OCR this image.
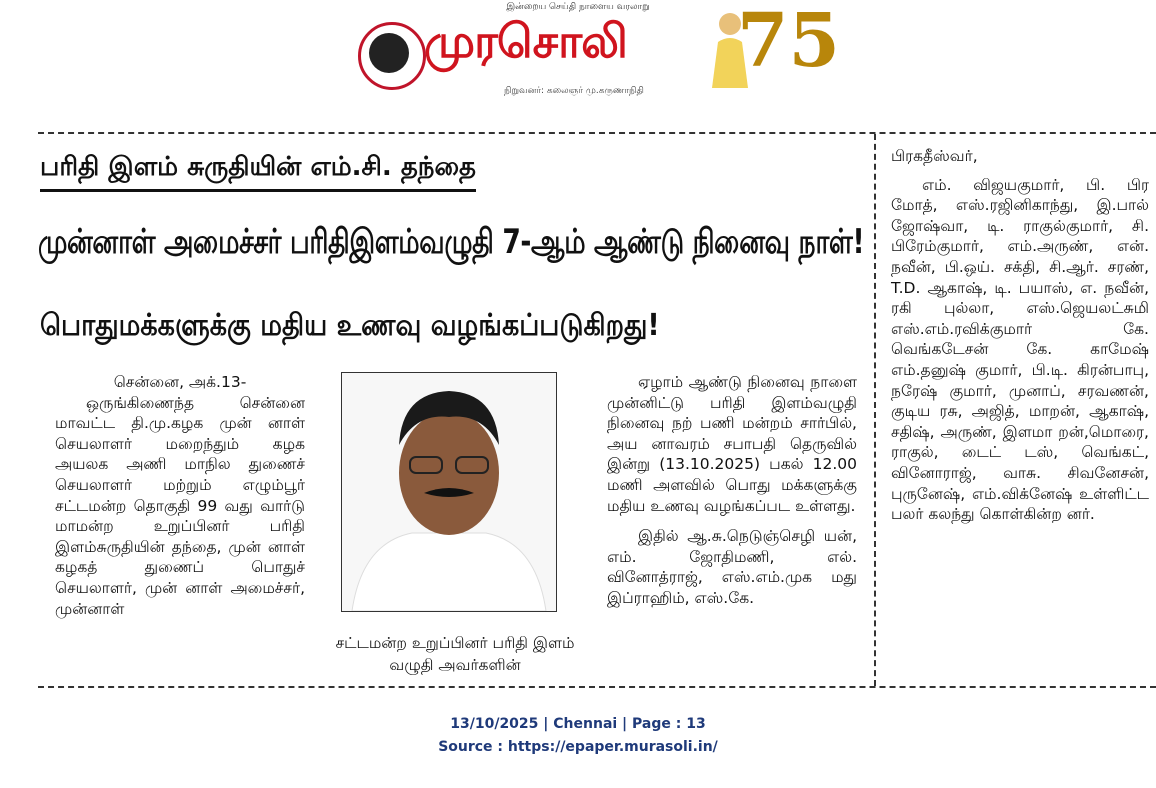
இன்றைய செய்தி நாளைய வரலாறு
முரசொலி
நிறுவனர்: கலைஞர் மு.கருணாநிதி
75
பரிதி இளம் சுருதியின் எம்.சி. தந்தை
முன்னாள் அமைச்சர் பரிதிஇளம்வழுதி 7-ஆம் ஆண்டு நினைவு நாள்!
பொதுமக்களுக்கு மதிய உணவு வழங்கப்படுகிறது!

சென்னை, அக்.13-

ஒருங்கிணைந்த சென்னை மாவட்ட தி.மு.கழக முன் னாள் செயலாளர் மறைந்தும் கழக அயலக அணி மாநில துணைச் செயலாளர் மற்றும் எழும்பூர் சட்டமன்ற தொகுதி 99 வது வார்டு மாமன்ற உறுப்பினர் பரிதி இளம்சுருதியின் தந்தை, முன் னாள் கழகத் துணைப் பொதுச் செயலாளர், முன் னாள் அமைச்சர், முன்னாள்

சட்டமன்ற உறுப்பினர் பரிதி இளம் வழுதி அவர்களின்

ஏழாம் ஆண்டு நினைவு நாளை முன்னிட்டு பரிதி இளம்வழுதி நினைவு நற் பணி மன்றம் சார்பில், அய னாவரம் சபாபதி தெருவில் இன்று (13.10.2025) பகல் 12.00 மணி அளவில் பொது மக்களுக்கு மதிய உணவு வழங்கப்பட உள்ளது.

இதில் ஆ.சு.நெடுஞ்செழி யன், எம். ஜோதிமணி, எல். வினோத்ராஜ், எஸ்.எம்.முக மது இப்ராஹிம், எஸ்.கே.

பிரகதீஸ்வர்,

எம். விஜயகுமார், பி. பிர மோத், எஸ்.ரஜினிகாந்து, இ.பால் ஜோஷ்வா, டி. ராகுல்குமார், சி. பிரேம்குமார், எம்.அருண், என். நவீன், பி.ஒய். சக்தி, சி.ஆர். சரண், T.D. ஆகாஷ், டி. பயாஸ், எ. நவீன், ரகி புல்லா, எஸ்.ஜெயலட்சுமி எஸ்.எம்.ரவிக்குமார் கே. வெங்கடேசன் கே. காமேஷ் எம்.தனுஷ் குமார், பி.டி. கிரன்பாபு, நரேஷ் குமார், முனாப், சரவணன், குடிய ரசு, அஜித், மாறன், ஆகாஷ், சதிஷ், அருண், இளமா றன்,மொரை, ராகுல், டைட் டஸ், வெங்கட், வினோராஜ், வாசு. சிவனேசன், புருனேஷ், எம்.விக்னேஷ் உள்ளிட்ட பலர் கலந்து கொள்கின்ற னர்.

13/10/2025 | Chennai | Page : 13
Source : https://epaper.murasoli.in/
